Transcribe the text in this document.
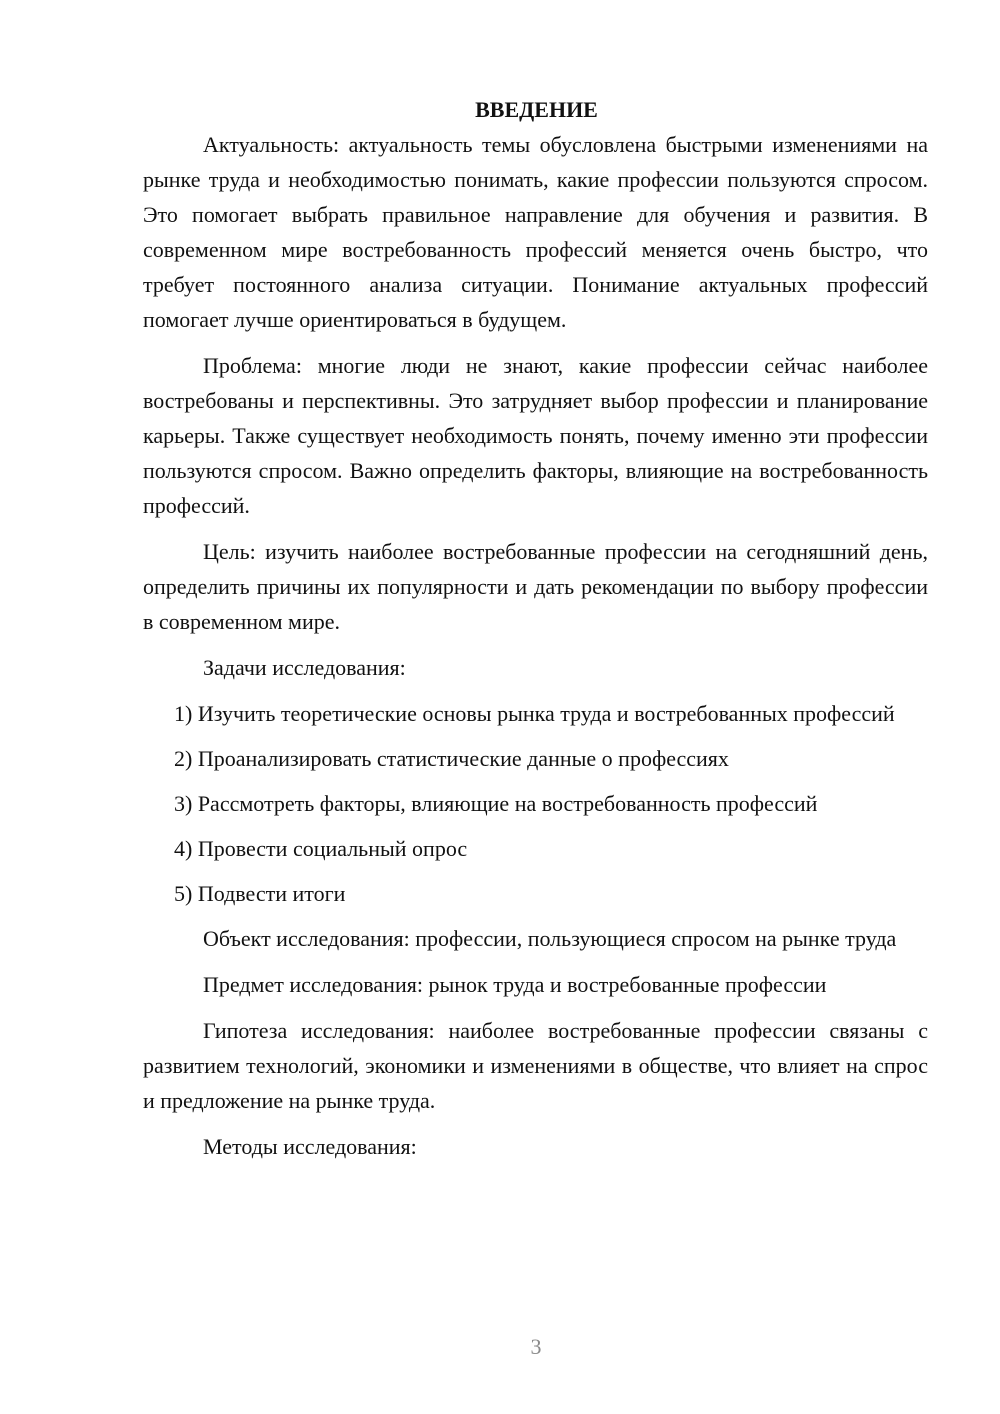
ВВЕДЕНИЕ

Актуальность: актуальность темы обусловлена быстрыми изменениями на рынке труда и необходимостью понимать, какие профессии пользуются спросом. Это помогает выбрать правильное направление для обучения и развития. В современном мире востребованность профессий меняется очень быстро, что требует постоянного анализа ситуации. Понимание актуальных профессий помогает лучше ориентироваться в будущем.

Проблема: многие люди не знают, какие профессии сейчас наиболее востребованы и перспективны. Это затрудняет выбор профессии и планирование карьеры. Также существует необходимость понять, почему именно эти профессии пользуются спросом. Важно определить факторы, влияющие на востребованность профессий.

Цель: изучить наиболее востребованные профессии на сегодняшний день, определить причины их популярности и дать рекомендации по выбору профессии в современном мире.

Задачи исследования:

1) Изучить теоретические основы рынка труда и востребованных профессий

2) Проанализировать статистические данные о профессиях

3) Рассмотреть факторы, влияющие на востребованность профессий

4) Провести социальный опрос

5) Подвести итоги

Объект исследования: профессии, пользующиеся спросом на рынке труда

Предмет исследования: рынок труда и востребованные профессии

Гипотеза исследования: наиболее востребованные профессии связаны с развитием технологий, экономики и изменениями в обществе, что влияет на спрос и предложение на рынке труда.

Методы исследования:

3
